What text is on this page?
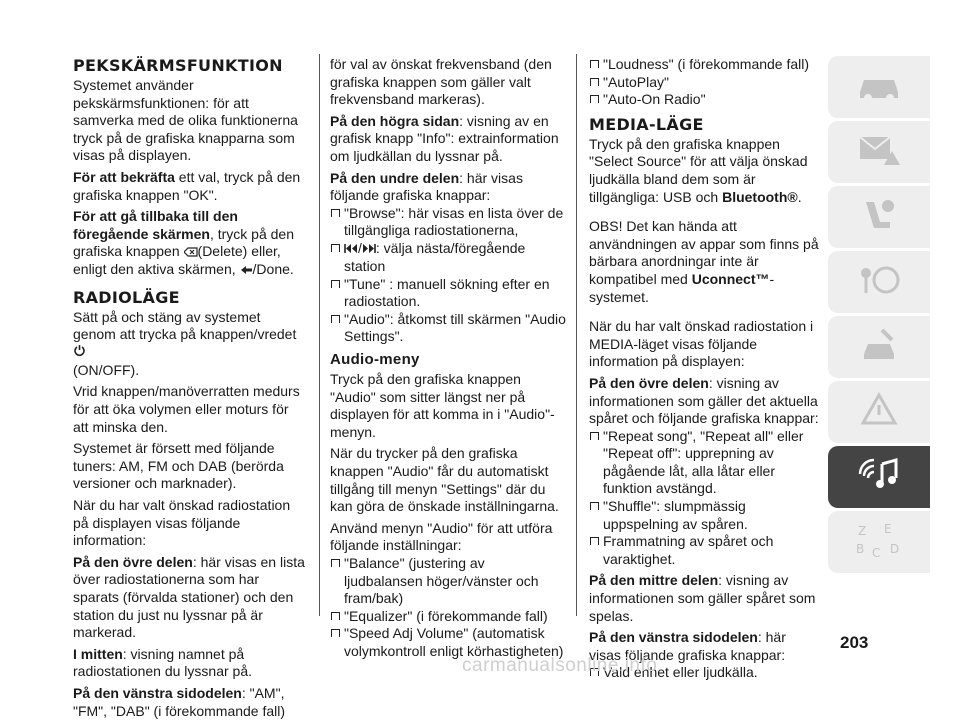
PEKSKÄRMSFUNKTION

Systemet använder pekskärmsfunktionen: för att samverka med de olika funktionerna tryck på de grafiska knapparna som visas på displayen.

För att bekräfta ett val, tryck på den grafiska knappen "OK".

För att gå tillbaka till den föregående skärmen, tryck på den grafiska knappen (Delete) eller, enligt den aktiva skärmen, /Done.

RADIOLÄGE

Sätt på och stäng av systemet genom att trycka på knappen/vredet
(ON/OFF).

Vrid knappen/manöverratten medurs för att öka volymen eller moturs för att minska den.

Systemet är försett med följande tuners: AM, FM och DAB (berörda versioner och marknader).

När du har valt önskad radiostation på displayen visas följande information:

På den övre delen: här visas en lista över radiostationerna som har sparats (förvalda stationer) och den station du just nu lyssnar på är markerad.

I mitten: visning namnet på radiostationen du lyssnar på.

På den vänstra sidodelen: "AM", "FM", "DAB" (i förekommande fall)

för val av önskat frekvensband (den grafiska knappen som gäller valt frekvensband markeras).

På den högra sidan: visning av en grafisk knapp "Info": extrainformation om ljudkällan du lyssnar på.

På den undre delen: här visas följande grafiska knappar:

"Browse": här visas en lista över de tillgängliga radiostationerna,
/ : välja nästa/föregående station
"Tune" : manuell sökning efter en radiostation.
"Audio": åtkomst till skärmen "Audio Settings".
Audio-meny

Tryck på den grafiska knappen "Audio" som sitter längst ner på displayen för att komma in i "Audio"-menyn.

När du trycker på den grafiska knappen "Audio" får du automatiskt tillgång till menyn "Settings" där du kan göra de önskade inställningarna.

Använd menyn "Audio" för att utföra följande inställningar:

"Balance" (justering av ljudbalansen höger/vänster och fram/bak)
"Equalizer" (i förekommande fall)
"Speed Adj Volume" (automatisk volymkontroll enligt körhastigheten)
"Loudness" (i förekommande fall)
"AutoPlay"
"Auto-On Radio"
MEDIA-LÄGE

Tryck på den grafiska knappen "Select Source" för att välja önskad ljudkälla bland dem som är tillgängliga: USB och Bluetooth®.

OBS! Det kan hända att användningen av appar som finns på bärbara anordningar inte är kompatibel med Uconnect™-systemet.

När du har valt önskad radiostation i MEDIA-läget visas följande information på displayen:

På den övre delen: visning av informationen som gäller det aktuella spåret och följande grafiska knappar:

"Repeat song", "Repeat all" eller "Repeat off": upprepning av pågående låt, alla låtar eller funktion avstängd.
"Shuffle": slumpmässig uppspelning av spåren.
Frammatning av spåret och varaktighet.

På den mittre delen: visning av informationen som gäller spåret som spelas.

På den vänstra sidodelen: här visas följande grafiska knappar:

Vald enhet eller ljudkälla.
Z E
B C D
203
carmanualsonline.info
